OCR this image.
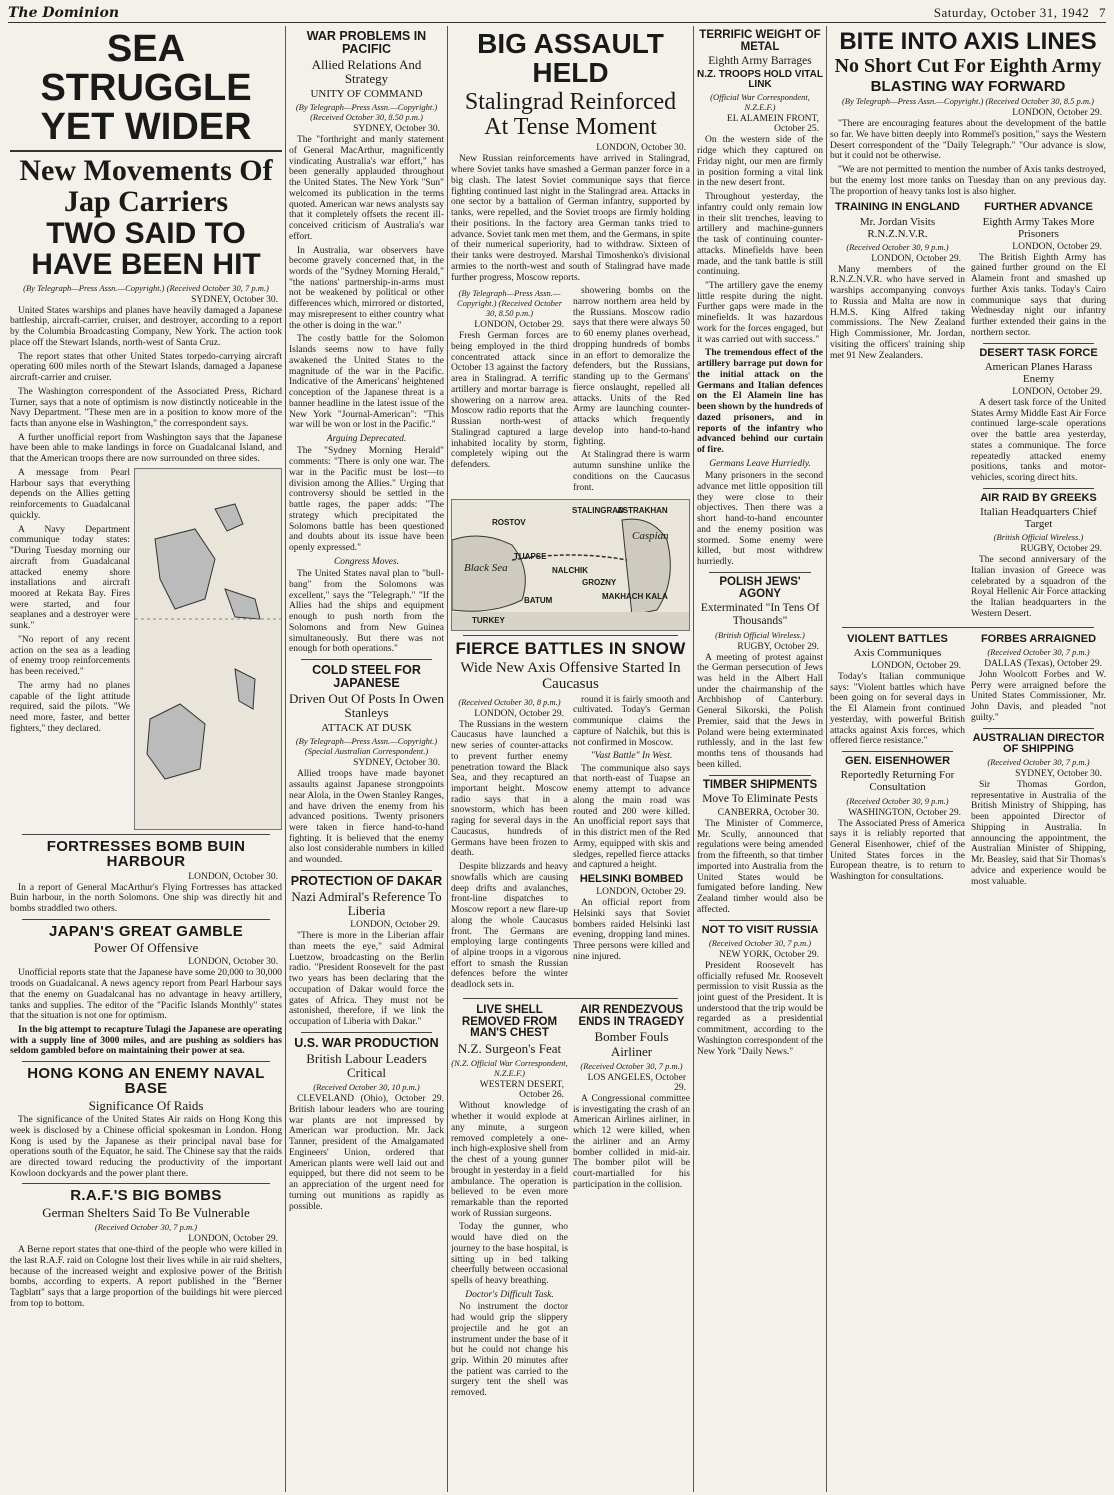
The Dominion	Saturday, October 31, 1942 7
SEA STRUGGLE YET WIDER
New Movements Of Jap Carriers
TWO SAID TO HAVE BEEN HIT
(By Telegraph—Press Assn.—Copyright.) (Received October 30, 7 p.m.)
SYDNEY, October 30.

United States warships and planes have heavily damaged a Japanese battleship, aircraft-carrier, cruiser, and destroyer, according to a report by the Columbia Broadcasting Company, New York. The action took place off the Stewart Islands, north-west of Santa Cruz.

The report states that other United States torpedo-carrying aircraft operating 600 miles north of the Stewart Islands, damaged a Japanese aircraft-carrier and cruiser.

The Washington correspondent of the Associated Press, Richard Turner, says that a note of optimism is now distinctly noticeable in the Navy Department. "These men are in a position to know more of the facts than anyone else in Washington," the correspondent says.

A further unofficial report from Washington says that the Japanese have been able to make landings in force on Guadalcanal Island, and that the American troops there are now surrounded on three sides.

A message from Pearl Harbour says that everything depends on the Allies getting reinforcements to Guadalcanal quickly.

A Navy Department communique today states: "During Tuesday morning our aircraft from Guadalcanal attacked enemy shore installations and aircraft moored at Rekata Bay. Fires were started, and four seaplanes and a destroyer were sunk."

"No report of any recent action on the sea as a leading of enemy troop reinforcements has been received."

The army had no planes capable of the light attitude required, said the pilots. "We need more, faster, and better fighters," they declared.

FORTRESSES BOMB BUIN HARBOUR
LONDON, October 30.

In a report of General MacArthur's Flying Fortresses has attacked Buin harbour, in the north Solomons. One ship was directly hit and bombs straddled two others.

JAPAN'S GREAT GAMBLE
Power Of Offensive
LONDON, October 30.

Unofficial reports state that the Japanese have some 20,000 to 30,000 troods on Guadalcanal. A news agency report from Pearl Harbour says that the enemy on Guadalcanal has no advantage in heavy artillery, tanks and supplies. The editor of the "Pacific Islands Monthly" states that the situation is not one for optimism.

In the big attempt to recapture Tulagi the Japanese are operating with a supply line of 3000 miles, and are pushing as soldiers has seldom gambled before on maintaining their power at sea.

HONG KONG AN ENEMY NAVAL BASE
Significance Of Raids

The significance of the United States Air raids on Hong Kong this week is disclosed by a Chinese official spokesman in London. Hong Kong is used by the Japanese as their principal naval base for operations south of the Equator, he said. The Chinese say that the raids are directed toward reducing the productivity of the important Kowloon dockyards and the power plant there.

R.A.F.'S BIG BOMBS
German Shelters Said To Be Vulnerable
(Received October 30, 7 p.m.)
LONDON, October 29.

A Berne report states that one-third of the people who were killed in the last R.A.F. raid on Cologne lost their lives while in air raid shelters, because of the increased weight and explosive power of the British bombs, according to experts. A report published in the "Berner Tagblatt" says that a large proportion of the buildings hit were pierced from top to bottom.

WAR PROBLEMS IN PACIFIC
Allied Relations And Strategy
UNITY OF COMMAND
(By Telegraph—Press Assn.—Copyright.) (Received October 30, 8.50 p.m.)
SYDNEY, October 30.

The "forthright and manly statement of General MacArthur, magnificently vindicating Australia's war effort," has been generally applauded throughout the United States. The New York "Sun" welcomed its publication in the terms quoted. American war news analysts say that it completely offsets the recent ill-conceived criticism of Australia's war effort.

In Australia, war observers have become gravely concerned that, in the words of the "Sydney Morning Herald," "the nations' partnership-in-arms must not be weakened by political or other differences which, mirrored or distorted, may misrepresent to either country what the other is doing in the war."

The costly battle for the Solomon Islands seems now to have fully awakened the United States to the magnitude of the war in the Pacific. Indicative of the Americans' heightened conception of the Japanese threat is a banner headline in the latest issue of the New York "Journal-American": "This war will be won or lost in the Pacific."

Arguing Deprecated.

The "Sydney Morning Herald" comments: "There is only one war. The war in the Pacific must be lost—to division among the Allies." Urging that controversy should be settled in the battle rages, the paper adds: "The strategy which precipitated the Solomons battle has been questioned and doubts about its issue have been openly expressed."

Congress Moves.

The United States naval plan to "bull-bang" from the Solomons was excellent," says the "Telegraph." "If the Allies had the ships and equipment enough to push north from the Solomons and from New Guinea simultaneously. But there was not enough for both operations."

COLD STEEL FOR JAPANESE
Driven Out Of Posts In Owen Stanleys
ATTACK AT DUSK
(By Telegraph—Press Assn.—Copyright.) (Special Australian Correspondent.)
SYDNEY, October 30.

Allied troops have made bayonet assaults against Japanese strongpoints near Alola, in the Owen Stanley Ranges, and have driven the enemy from his advanced positions. Twenty prisoners were taken in fierce hand-to-hand fighting. It is believed that the enemy also lost considerable numbers in killed and wounded.

PROTECTION OF DAKAR
Nazi Admiral's Reference To Liberia
LONDON, October 29.

"There is more in the Liberian affair than meets the eye," said Admiral Luetzow, broadcasting on the Berlin radio. "President Roosevelt for the past two years has been declaring that the occupation of Dakar would force the gates of Africa. They must not be astonished, therefore, if we link the occupation of Liberia with Dakar."

U.S. WAR PRODUCTION
British Labour Leaders Critical
(Received October 30, 10 p.m.)

CLEVELAND (Ohio), October 29. British labour leaders who are touring war plants are not impressed by American war production. Mr. Jack Tanner, president of the Amalgamated Engineers' Union, ordered that American plants were well laid out and equipped, but there did not seem to be an appreciation of the urgent need for turning out munitions as rapidly as possible.

BIG ASSAULT HELD
Stalingrad Reinforced At Tense Moment
LONDON, October 30.

New Russian reinforcements have arrived in Stalingrad, where Soviet tanks have smashed a German panzer force in a big clash. The latest Soviet communique says that fierce fighting continued last night in the Stalingrad area. Attacks in one sector by a battalion of German infantry, supported by tanks, were repelled, and the Soviet troops are firmly holding their positions. In the factory area German tanks tried to advance. Soviet tank men met them, and the Germans, in spite of their numerical superiority, had to withdraw. Sixteen of their tanks were destroyed. Marshal Timoshenko's divisional armies to the north-west and south of Stalingrad have made further progress, Moscow reports.

(By Telegraph—Press Assn.—Copyright.) (Received October 30, 8.50 p.m.)
LONDON, October 29.

Fresh German forces are being employed in the third concentrated attack since October 13 against the factory area in Stalingrad. A terrific artillery and mortar barrage is showering on a narrow area. Moscow radio reports that the Russian north-west of Stalingrad captured a large inhabited locality by storm, completely wiping out the defenders.

showering bombs on the narrow northern area held by the Russians. Moscow radio says that there were always 50 to 60 enemy planes overhead, dropping hundreds of bombs in an effort to demoralize the defenders, but the Russians, standing up to the Germans' fierce onslaught, repelled all attacks. Units of the Red Army are launching counter-attacks which frequently develop into hand-to-hand fighting.

At Stalingrad there is warm autumn sunshine unlike the conditions on the Caucasus front.

Black Sea
Caspian
TURKEY
STALINGRAD
ASTRAKHAN
NALCHIK
TUAPSE
BATUM
GROZNY
MAKHACH KALA
ROSTOV
FIERCE BATTLES IN SNOW
Wide New Axis Offensive Started In Caucasus
(Received October 30, 8 p.m.)
LONDON, October 29.

The Russians in the western Caucasus have launched a new series of counter-attacks to prevent further enemy penetration toward the Black Sea, and they recaptured an important height. Moscow radio says that in a snowstorm, which has been raging for several days in the Caucasus, hundreds of Germans have been frozen to death.

Despite blizzards and heavy snowfalls which are causing deep drifts and avalanches, front-line dispatches to Moscow report a new flare-up along the whole Caucasus front. The Germans are employing large contingents of alpine troops in a vigorous effort to smash the Russian defences before the winter deadlock sets in.

round it is fairly smooth and cultivated. Today's German communique claims the capture of Nalchik, but this is not confirmed in Moscow.

"Vast Battle" In West.

The communique also says that north-east of Tuapse an enemy attempt to advance along the main road was routed and 200 were killed. An unofficial report says that in this district men of the Red Army, equipped with skis and sledges, repelled fierce attacks and captured a height.

HELSINKI BOMBED
LONDON, October 29.

An official report from Helsinki says that Soviet bombers raided Helsinki last evening, dropping land mines. Three persons were killed and nine injured.

LIVE SHELL REMOVED FROM MAN'S CHEST
N.Z. Surgeon's Feat
(N.Z. Official War Correspondent, N.Z.E.F.)
WESTERN DESERT, October 26.

Without knowledge of whether it would explode at any minute, a surgeon removed completely a one-inch high-explosive shell from the chest of a young gunner brought in yesterday in a field ambulance. The operation is believed to be even more remarkable than the reported work of Russian surgeons.

Today the gunner, who would have died on the journey to the base hospital, is sitting up in bed talking cheerfully between occasional spells of heavy breathing.

Doctor's Difficult Task.

No instrument the doctor had would grip the slippery projectile and he got an instrument under the base of it but he could not change his grip. Within 20 minutes after the patient was carried to the surgery tent the shell was removed.

AIR RENDEZVOUS ENDS IN TRAGEDY
Bomber Fouls Airliner
(Received October 30, 7 p.m.)
LOS ANGELES, October 29.

A Congressional committee is investigating the crash of an American Airlines airliner, in which 12 were killed, when the airliner and an Army bomber collided in mid-air. The bomber pilot will be court-martialled for his participation in the collision.

TERRIFIC WEIGHT OF METAL
Eighth Army Barrages
N.Z. TROOPS HOLD VITAL LINK
(Official War Correspondent, N.Z.E.F.)
EL ALAMEIN FRONT, October 25.

On the western side of the ridge which they captured on Friday night, our men are firmly in position forming a vital link in the new desert front.

Throughout yesterday, the infantry could only remain low in their slit trenches, leaving to artillery and machine-gunners the task of continuing counter-attacks. Minefields have been made, and the tank battle is still continuing.

"The artillery gave the enemy little respite during the night. Further gaps were made in the minefields. It was hazardous work for the forces engaged, but it was carried out with success."

The tremendous effect of the artillery barrage put down for the initial attack on the Germans and Italian defences on the El Alamein line has been shown by the hundreds of dazed prisoners, and in reports of the infantry who advanced behind our curtain of fire.

Germans Leave Hurriedly.

Many prisoners in the second advance met little opposition till they were close to their objectives. Then there was a short hand-to-hand encounter and the enemy position was stormed. Some enemy were killed, but most withdrew hurriedly.

POLISH JEWS' AGONY
Exterminated "In Tens Of Thousands"
(British Official Wireless.)
RUGBY, October 29.

A meeting of protest against the German persecution of Jews was held in the Albert Hall under the chairmanship of the Archbishop of Canterbury. General Sikorski, the Polish Premier, said that the Jews in Poland were being exterminated ruthlessly, and in the last few months tens of thousands had been killed.

TIMBER SHIPMENTS
Move To Eliminate Pests
CANBERRA, October 30.

The Minister of Commerce, Mr. Scully, announced that regulations were being amended from the fifteenth, so that timber imported into Australia from the United States would be fumigated before landing. New Zealand timber would also be affected.

NOT TO VISIT RUSSIA
(Received October 30, 7 p.m.)
NEW YORK, October 29.

President Roosevelt has officially refused Mr. Roosevelt permission to visit Russia as the joint guest of the President. It is understood that the trip would be regarded as a presidential commitment, according to the Washington correspondent of the New York "Daily News."

BITE INTO AXIS LINES
No Short Cut For Eighth Army
BLASTING WAY FORWARD
(By Telegraph—Press Assn.—Copyright.) (Received October 30, 8.5 p.m.)
LONDON, October 29.

"There are encouraging features about the development of the battle so far. We have bitten deeply into Rommel's position," says the Western Desert correspondent of the "Daily Telegraph." "Our advance is slow, but it could not be otherwise.

"We are not permitted to mention the number of Axis tanks destroyed, but the enemy lost more tanks on Tuesday than on any previous day. The proportion of heavy tanks lost is also higher.

TRAINING IN ENGLAND
Mr. Jordan Visits R.N.Z.N.V.R.
(Received October 30, 9 p.m.)
LONDON, October 29.

Many members of the R.N.Z.N.V.R. who have served in warships accompanying convoys to Russia and Malta are now in H.M.S. King Alfred taking commissions. The New Zealand High Commissioner, Mr. Jordan, visiting the officers' training ship met 91 New Zealanders.

FURTHER ADVANCE
Eighth Army Takes More Prisoners
LONDON, October 29.

The British Eighth Army has gained further ground on the El Alamein front and smashed up further Axis tanks. Today's Cairo communique says that during Wednesday night our infantry further extended their gains in the northern sector.

DESERT TASK FORCE
American Planes Harass Enemy
LONDON, October 29.

A desert task force of the United States Army Middle East Air Force continued large-scale operations over the battle area yesterday, states a communique. The force repeatedly attacked enemy positions, tanks and motor-vehicles, scoring direct hits.

AIR RAID BY GREEKS
Italian Headquarters Chief Target
(British Official Wireless.)
RUGBY, October 29.

The second anniversary of the Italian invasion of Greece was celebrated by a squadron of the Royal Hellenic Air Force attacking the Italian headquarters in the Western Desert.

VIOLENT BATTLES
Axis Communiques
LONDON, October 29.

Today's Italian communique says: "Violent battles which have been going on for several days in the El Alamein front continued yesterday, with powerful British attacks against Axis forces, which offered fierce resistance."

GEN. EISENHOWER
Reportedly Returning For Consultation
(Received October 30, 9 p.m.)
WASHINGTON, October 29.

The Associated Press of America says it is reliably reported that General Eisenhower, chief of the United States forces in the European theatre, is to return to Washington for consultations.

FORBES ARRAIGNED
(Received October 30, 7 p.m.)
DALLAS (Texas), October 29.

John Woolcott Forbes and W. Perry were arraigned before the United States Commissioner, Mr. John Davis, and pleaded "not guilty."

AUSTRALIAN DIRECTOR OF SHIPPING
(Received October 30, 7 p.m.)
SYDNEY, October 30.

Sir Thomas Gordon, representative in Australia of the British Ministry of Shipping, has been appointed Director of Shipping in Australia. In announcing the appointment, the Australian Minister of Shipping, Mr. Beasley, said that Sir Thomas's advice and experience would be most valuable.
